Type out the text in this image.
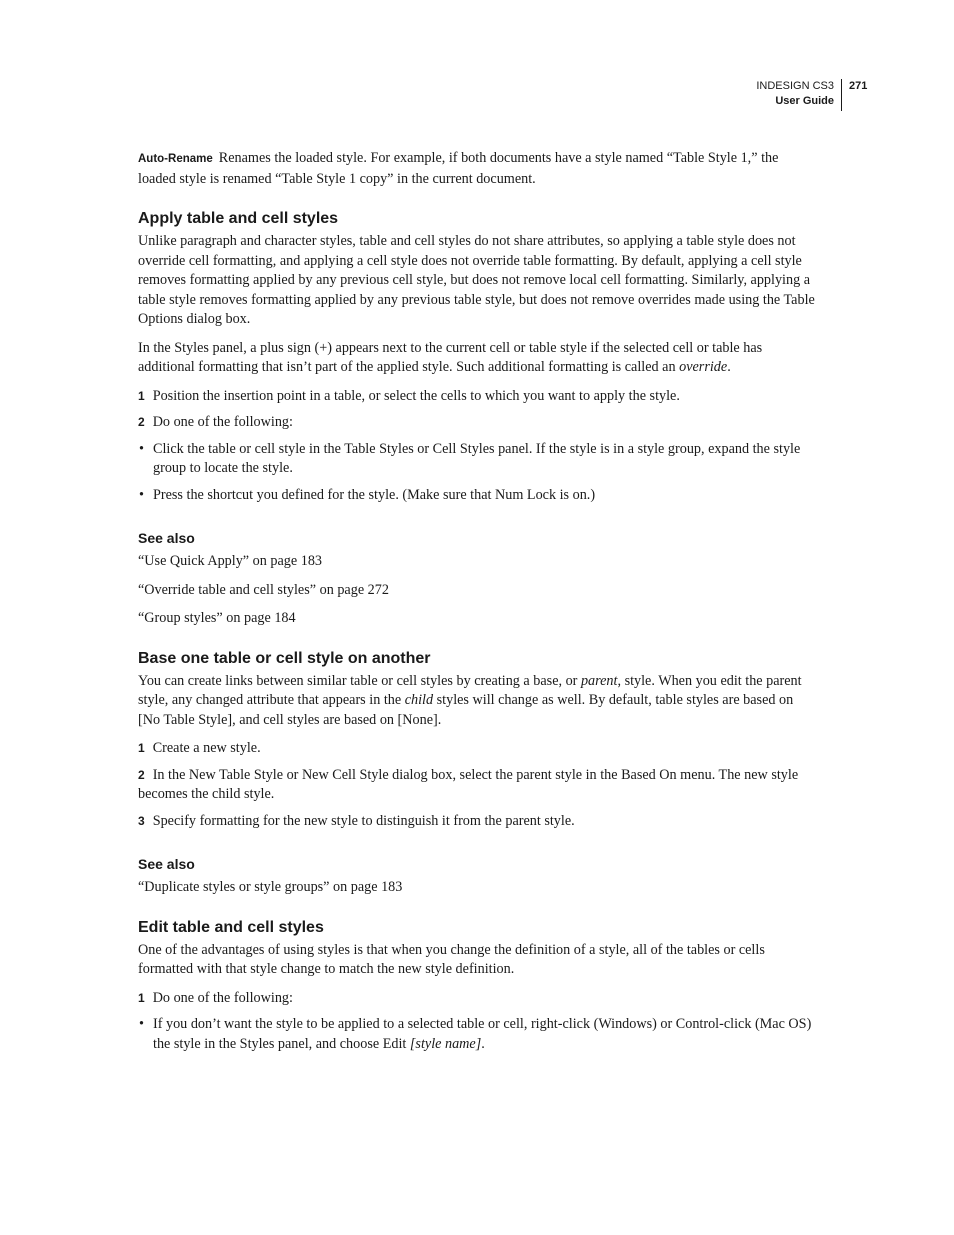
INDESIGN CS3
User Guide
271

Auto-Rename Renames the loaded style. For example, if both documents have a style named “Table Style 1,” the loaded style is renamed “Table Style 1 copy” in the current document.

Apply table and cell styles

Unlike paragraph and character styles, table and cell styles do not share attributes, so applying a table style does not override cell formatting, and applying a cell style does not override table formatting. By default, applying a cell style removes formatting applied by any previous cell style, but does not remove local cell formatting. Similarly, applying a table style removes formatting applied by any previous table style, but does not remove overrides made using the Table Options dialog box.

In the Styles panel, a plus sign (+) appears next to the current cell or table style if the selected cell or table has additional formatting that isn’t part of the applied style. Such additional formatting is called an override.

1 Position the insertion point in a table, or select the cells to which you want to apply the style.

2 Do one of the following:

• Click the table or cell style in the Table Styles or Cell Styles panel. If the style is in a style group, expand the style group to locate the style.

• Press the shortcut you defined for the style. (Make sure that Num Lock is on.)

See also

“Use Quick Apply” on page 183

“Override table and cell styles” on page 272

“Group styles” on page 184

Base one table or cell style on another

You can create links between similar table or cell styles by creating a base, or parent, style. When you edit the parent style, any changed attribute that appears in the child styles will change as well. By default, table styles are based on [No Table Style], and cell styles are based on [None].

1 Create a new style.

2 In the New Table Style or New Cell Style dialog box, select the parent style in the Based On menu. The new style becomes the child style.

3 Specify formatting for the new style to distinguish it from the parent style.

See also

“Duplicate styles or style groups” on page 183

Edit table and cell styles

One of the advantages of using styles is that when you change the definition of a style, all of the tables or cells formatted with that style change to match the new style definition.

1 Do one of the following:

• If you don’t want the style to be applied to a selected table or cell, right-click (Windows) or Control-click (Mac OS) the style in the Styles panel, and choose Edit [style name].
